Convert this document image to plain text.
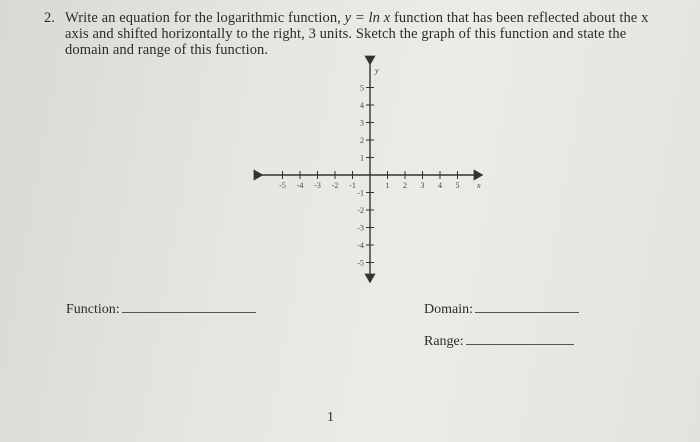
2. Write an equation for the logarithmic function, y = ln x function that has been reflected about the x axis and shifted horizontally to the right, 3 units. Sketch the graph of this function and state the domain and range of this function.
-5 -4 -3 -2 -1	1 2 3 4 5
5
4
3
2
1
-1
-2
-3
-4
-5
x
y
Function:	Domain:
Range:
1
